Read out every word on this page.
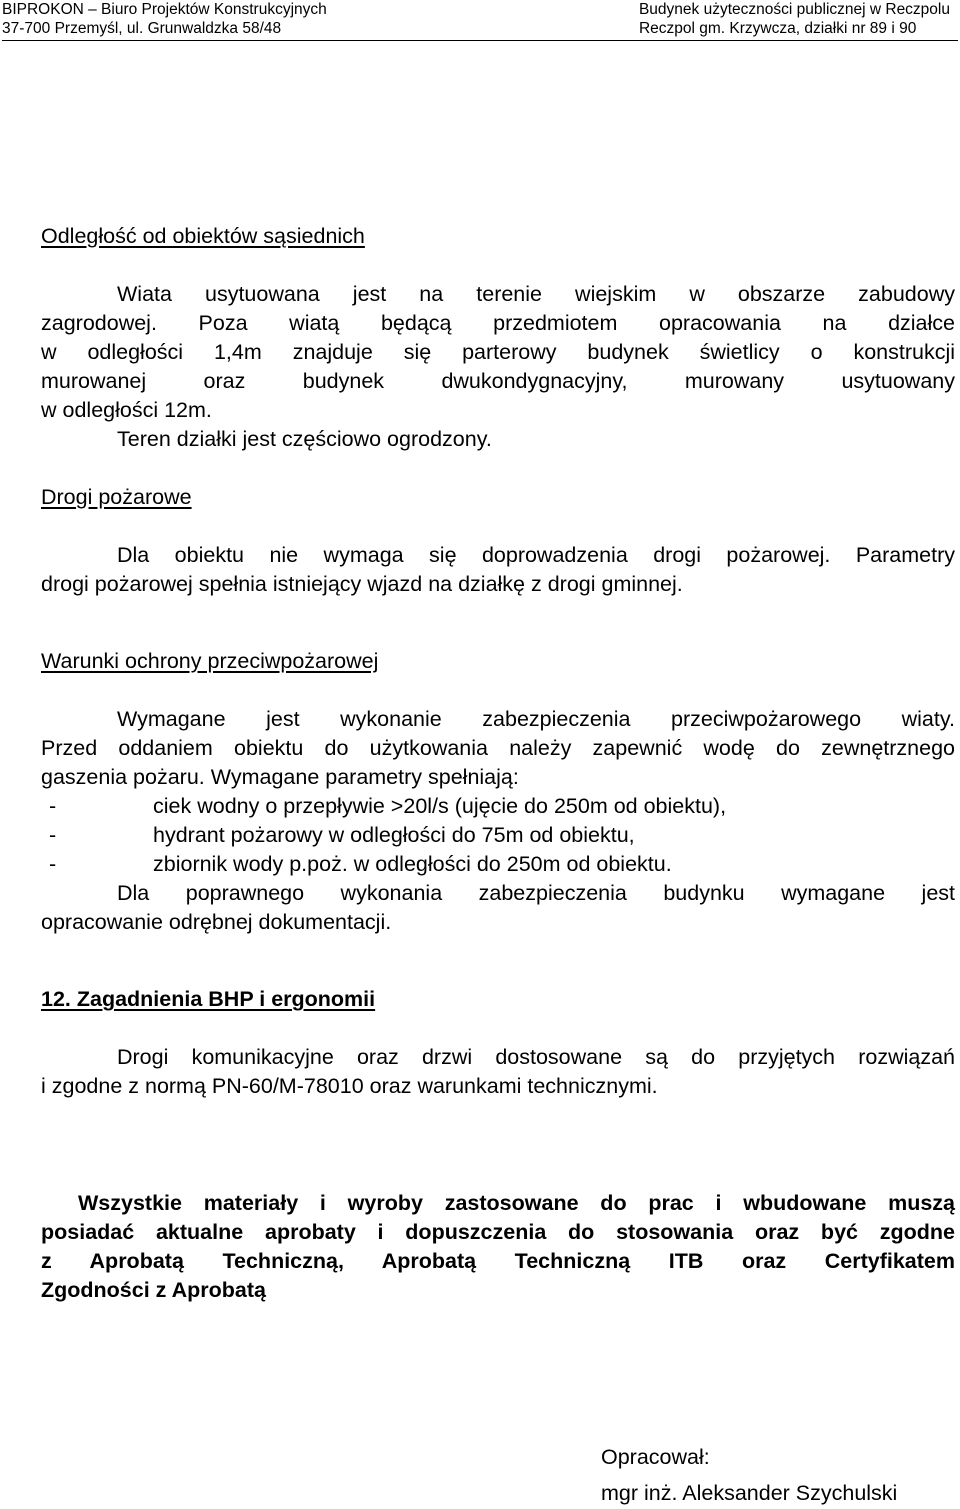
BIPROKON – Biuro Projektów Konstrukcyjnych
37-700 Przemyśl, ul. Grunwaldzka 58/48
Budynek użyteczności publicznej w Reczpolu
Reczpol gm. Krzywcza, działki nr 89 i 90

Odległość od obiektów sąsiednich

Wiata usytuowana jest na terenie wiejskim w obszarze zabudowy

zagrodowej. Poza wiatą będącą przedmiotem opracowania na działce

w odległości 1,4m znajduje się parterowy budynek świetlicy o konstrukcji

murowanej oraz budynek dwukondygnacyjny, murowany usytuowany

w odległości 12m.

Teren działki jest częściowo ogrodzony.

Drogi pożarowe

Dla obiektu nie wymaga się doprowadzenia drogi pożarowej. Parametry

drogi pożarowej spełnia istniejący wjazd na działkę z drogi gminnej.

Warunki ochrony przeciwpożarowej

Wymagane jest wykonanie zabezpieczenia przeciwpożarowego wiaty.

Przed oddaniem obiektu do użytkowania należy zapewnić wodę do zewnętrznego

gaszenia pożaru. Wymagane parametry spełniają:

-	ciek wodny o przepływie >20l/s (ujęcie do 250m od obiektu),

-	hydrant pożarowy w odległości do 75m od obiektu,

-	zbiornik wody p.poż. w odległości do 250m od obiektu.

Dla poprawnego wykonania zabezpieczenia budynku wymagane jest

opracowanie odrębnej dokumentacji.

12. Zagadnienia BHP i ergonomii

Drogi komunikacyjne oraz drzwi dostosowane są do przyjętych rozwiązań

i zgodne z normą PN-60/M-78010 oraz warunkami technicznymi.

Wszystkie materiały i wyroby zastosowane do prac i wbudowane muszą

posiadać aktualne aprobaty i dopuszczenia do stosowania oraz być zgodne

z Aprobatą Techniczną, Aprobatą Techniczną ITB oraz Certyfikatem

Zgodności z Aprobatą

Opracował:

mgr inż. Aleksander Szychulski
